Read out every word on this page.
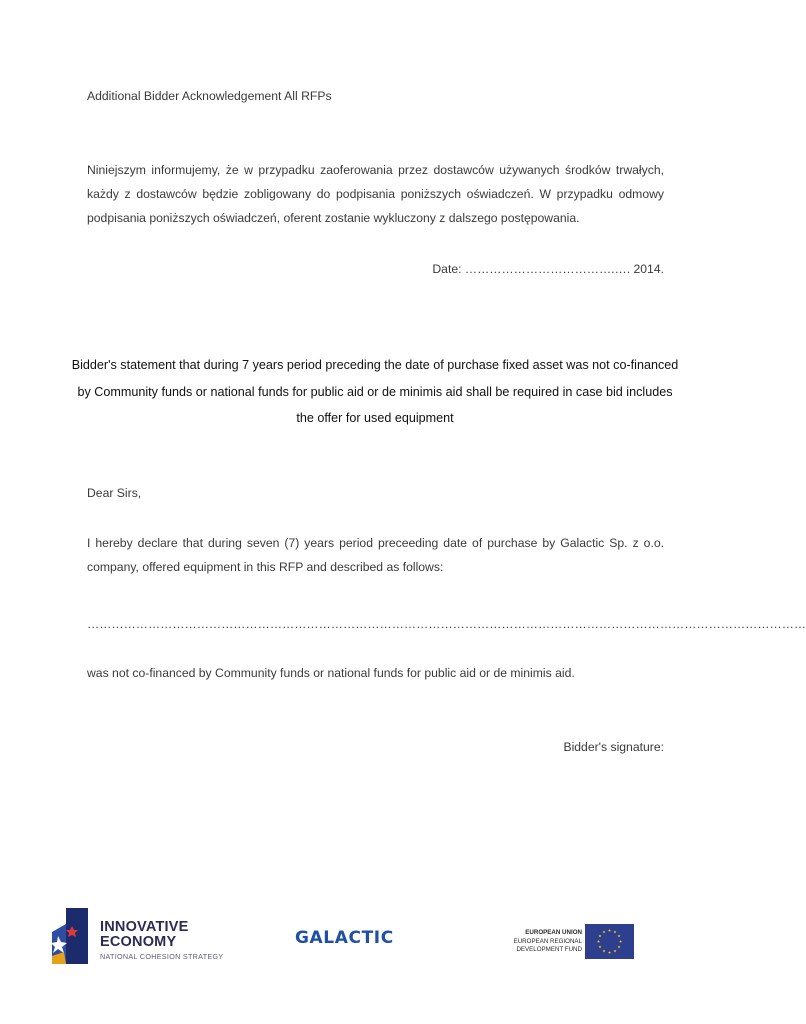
Additional Bidder Acknowledgement All RFPs
Niniejszym informujemy, że w przypadku zaoferowania przez dostawców używanych środków trwałych, każdy z dostawców będzie zobligowany do podpisania poniższych oświadczeń. W przypadku odmowy podpisania poniższych oświadczeń, oferent zostanie wykluczony z dalszego postępowania.
Date: ……………………………….…. 2014.
Bidder's statement that during 7 years period preceding the date of purchase fixed asset was not co-financed by Community funds or national funds for public aid or de minimis aid shall be required in case bid includes the offer for used equipment
Dear Sirs,
I hereby declare that during seven (7) years period preceeding date of purchase by Galactic Sp. z o.o. company, offered equipment in this RFP and described as follows:
……………………………………………………………………………………………………………………………………………………………
was not co-financed by Community funds or national funds for public aid or de minimis aid.
Bidder's signature:
INNOVATIVE
ECONOMY
NATIONAL COHESION STRATEGY
GALACTIC	EUROPEAN UNION
EUROPEAN REGIONAL
DEVELOPMENT FUND
